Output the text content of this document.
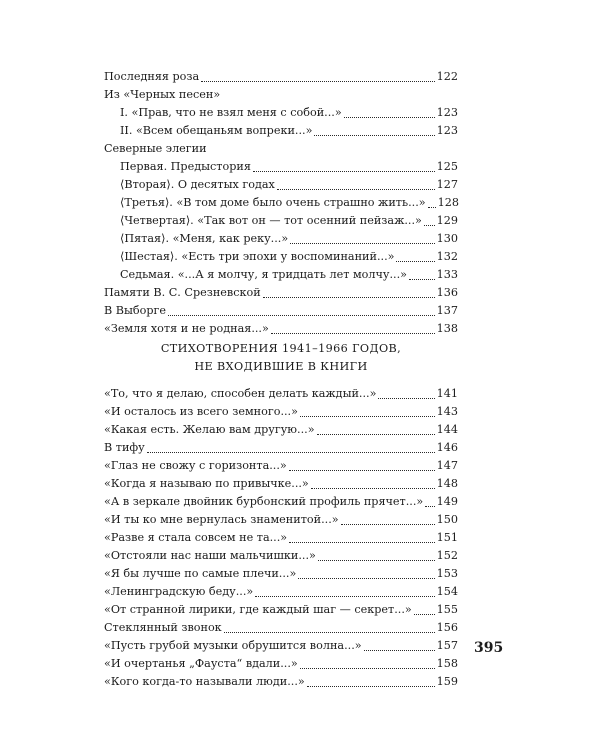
Последняя роза	122
Из «Черных песен»
I. «Прав, что не взял меня с собой...»	123
II. «Всем обещаньям вопреки...»	123
Северные элегии
Первая. Предыстория	125
⟨Вторая⟩. О десятых годах	127
⟨Третья⟩. «В том доме было очень страшно жить...» 128
⟨Четвертая⟩. «Так вот он — тот осенний пейзаж...» 129
⟨Пятая⟩. «Меня, как реку...»	130
⟨Шестая⟩. «Есть три эпохи у воспоминаний...»	132
Седьмая. «...А я молчу, я тридцать лет молчу...»	133
Памяти В. С. Срезневской	136
В Выборге	137
«Земля хотя и не родная...»	138
СТИХОТВОРЕНИЯ 1941–1966 ГОДОВ,
НЕ ВХОДИВШИЕ В КНИГИ
«То, что я делаю, способен делать каждый...»	141
«И осталось из всего земного...»	143
«Какая есть. Желаю вам другую...»	144
В тифу	146
«Глаз не свожу с горизонта...»	147
«Когда я называю по привычке...»	148
«А в зеркале двойник бурбонский профиль прячет...» 149
«И ты ко мне вернулась знаменитой...»	150
«Разве я стала совсем не та...»	151
«Отстояли нас наши мальчишки...»	152
«Я бы лучше по самые плечи...»	153
«Ленинградскую беду...»	154
«От странной лирики, где каждый шаг — секрет...» 155
Стеклянный звонок	156
«Пусть грубой музыки обрушится волна...»	157
«И очертанья „Фауста“ вдали...»	158
«Кого когда-то называли люди...»	159
395
